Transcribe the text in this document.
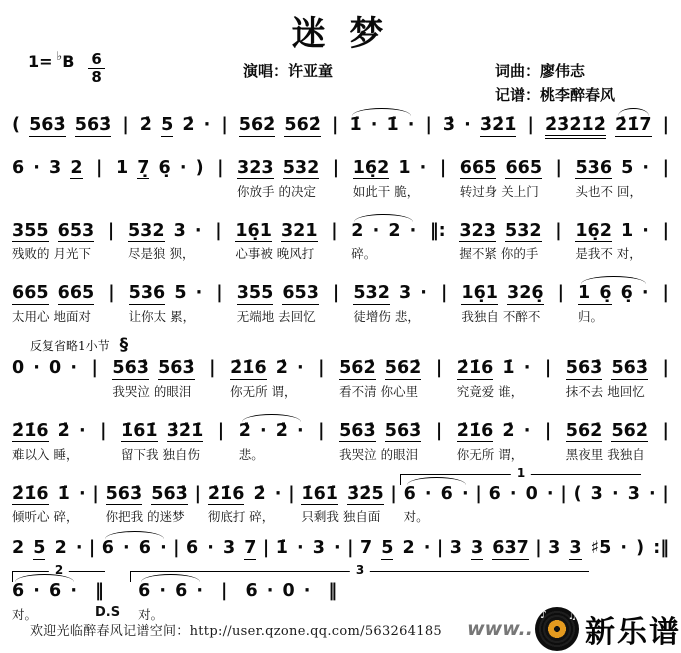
迷 梦
1= ♭ B $\frac{6}{8}$	演唱：许亚童	词曲：廖伟志
记谱：桃李醉春风
( 563 563 | 2 5 2 · | 562 562 | 1 · 1 · | 3 · 321 | 23212 217 |
6 · 3 2 | 1 7 6 · ) | 323 532
你放手 的决定
| 162 1 ·
如此干 脆，
| 665 665
转过身 关上门
| 536 5 ·
头也不 回，
|
355 653
残败的 月光下
| 532 3 ·
尽是狼 狈，
| 161 321
心事被 晚风打
| 2 · 2 ·
碎。
‖: 323 532
握不紧 你的手
| 162 1 ·
是我不 对，
|
665 665
太用心 地面对
| 536 5 ·
让你太 累，
| 355 653
无端地 去回忆
| 532 3 ·
徒增伤 悲，
| 161 326
我独自 不醉不
| 1 6 6 ·
归。
|
反复省略1小节 §
0 · 0 · | 563 563
我哭泣 的眼泪
| 216 2 ·
你无所 谓，
| 562 562
看不清 你心里
| 216 1 ·
究竟爱 谁，
| 563 563
抹不去 地回忆
|
216 2 ·
难以入 睡，
| 161 321
留下我 独自伤
| 2 · 2 ·
悲。
| 563 563
我哭泣 的眼泪
| 216 2 ·
你无所 谓，
| 562 562
黑夜里 我独自
|
1
216 1 ·
倾听心 碎，
| 563 563
你把我 的迷梦
| 216 2 ·
彻底打 碎，
| 161 325
只剩我 独自面
| 6 · 6 ·
对。
| 6 · 0 · | ( 3 · 3 · |
2 5 2 · | 6 · 6 · | 6 · 3 7 | 1 · 3 · | 7 5 2 · | 3 3 637 | 3 3 ♯5 · ) :‖
2	3
6 · 6 ·
对。
‖
D.S
6 · 6 ·
对。
| 6 · 0 · ‖
欢迎光临醉春风记谱空间：http://user.qzone.qq.com/563264185 www..
♪ ♫ 新乐谱
